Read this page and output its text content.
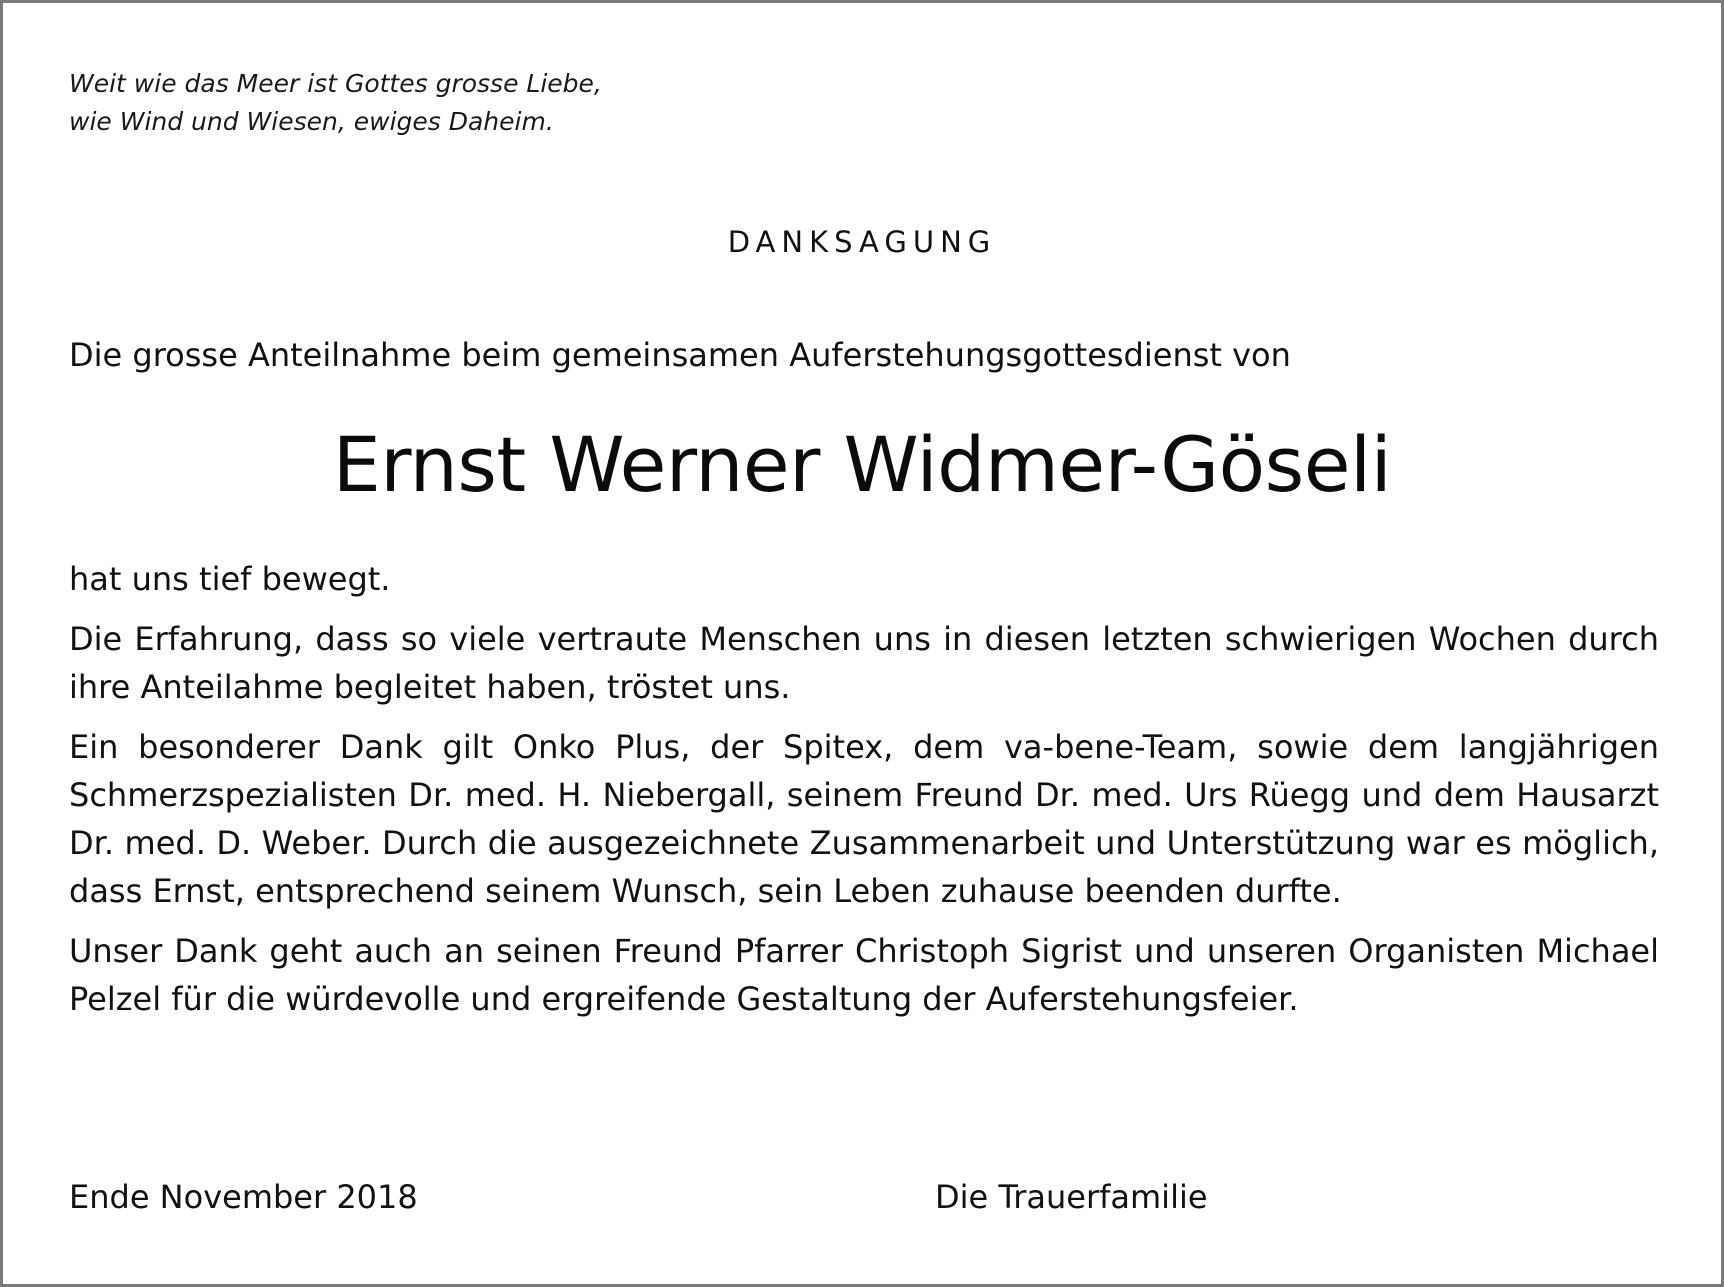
Weit wie das Meer ist Gottes grosse Liebe,
wie Wind und Wiesen, ewiges Daheim.
DANKSAGUNG
Die grosse Anteilnahme beim gemeinsamen Auferstehungsgottesdienst von
Ernst Werner Widmer-Göseli

hat uns tief bewegt.

Die Erfahrung, dass so viele vertraute Menschen uns in diesen letzten schwierigen Wochen durch ihre Anteilahme begleitet haben, tröstet uns.

Ein besonderer Dank gilt Onko Plus, der Spitex, dem va-bene-Team, sowie dem langjährigen Schmerzspezialisten Dr. med. H. Niebergall, seinem Freund Dr. med. Urs Rüegg und dem Hausarzt Dr. med. D. Weber. Durch die ausgezeichnete Zusammenarbeit und Unterstützung war es möglich, dass Ernst, entsprechend seinem Wunsch, sein Leben zuhause beenden durfte.

Unser Dank geht auch an seinen Freund Pfarrer Christoph Sigrist und unseren Organisten Michael Pelzel für die würdevolle und ergreifende Gestaltung der Auferstehungsfeier.

Ende November 2018	Die Trauerfamilie
